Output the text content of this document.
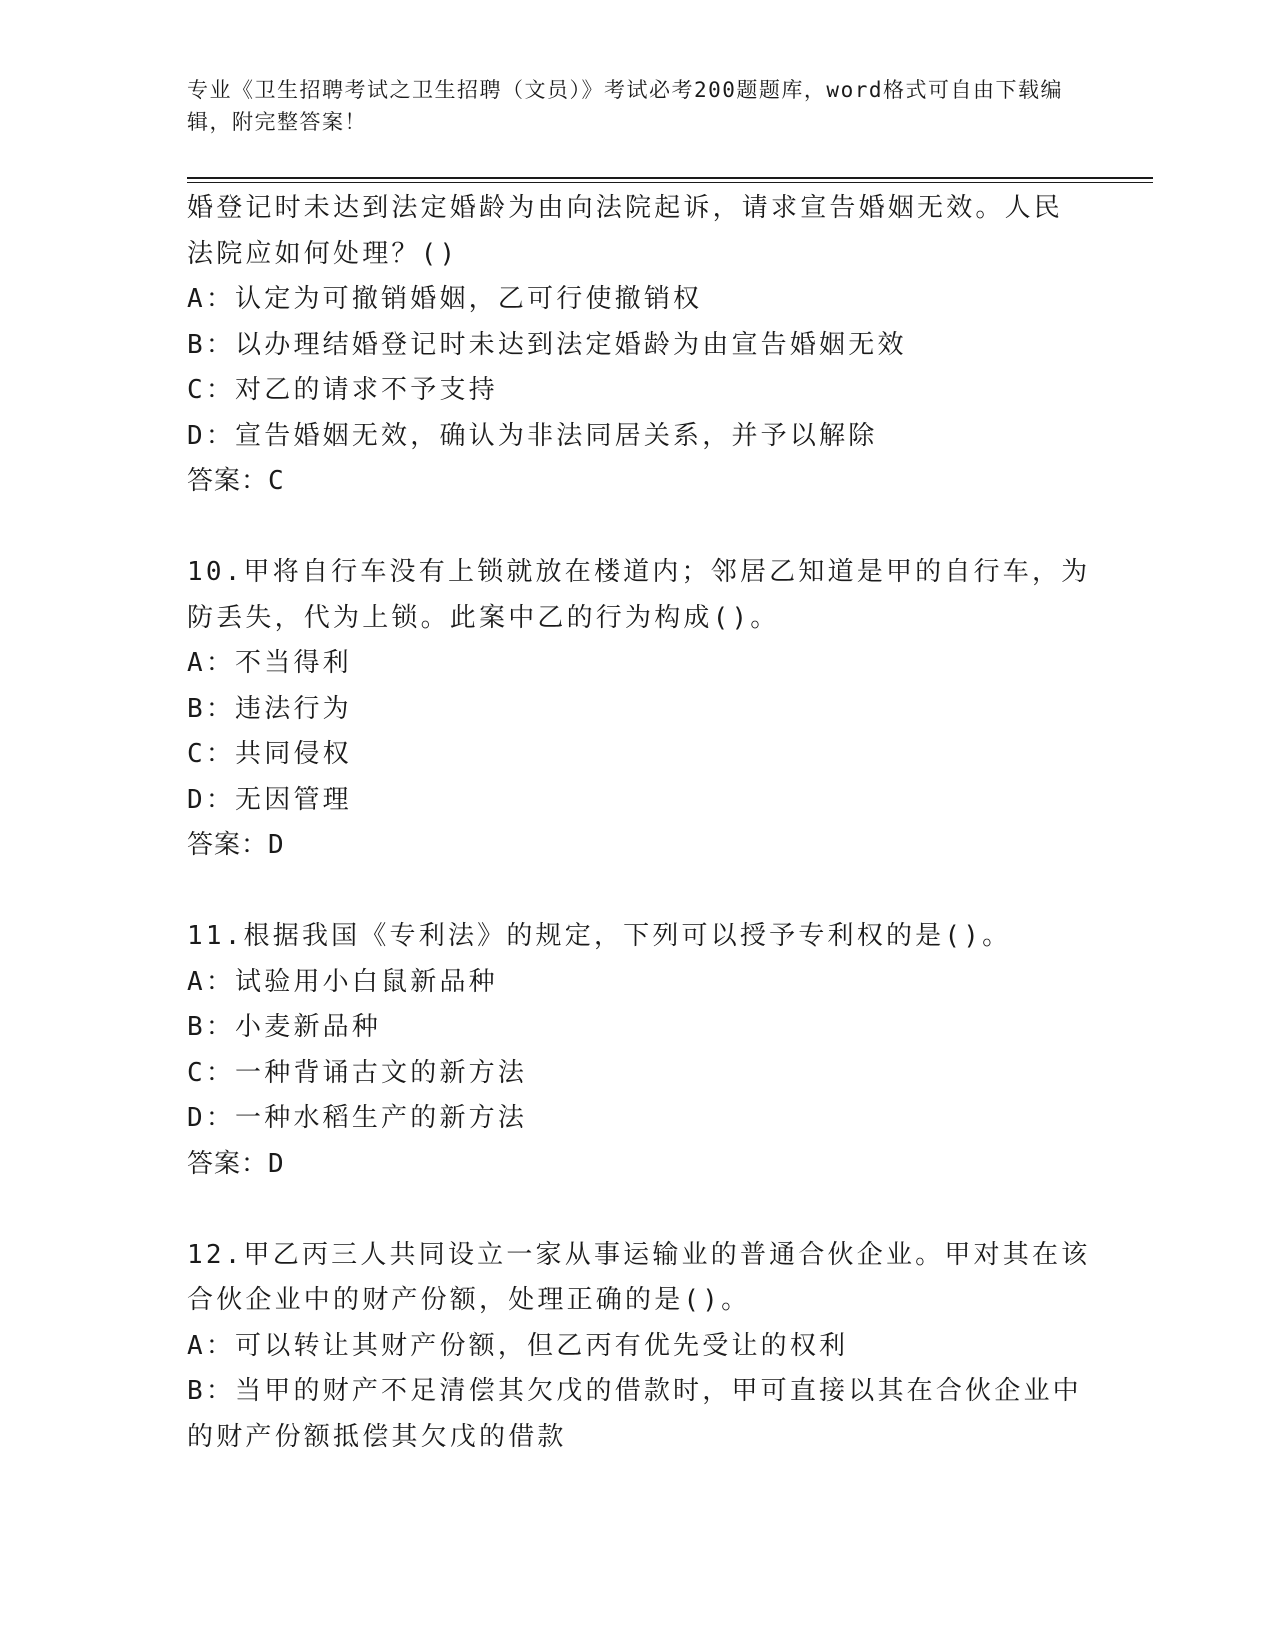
专业《卫生招聘考试之卫生招聘（文员）》考试必考200题题库，word格式可自由下载编辑，附完整答案！
婚登记时未达到法定婚龄为由向法院起诉，请求宣告婚姻无效。人民
法院应如何处理？()
A：认定为可撤销婚姻，乙可行使撤销权
B：以办理结婚登记时未达到法定婚龄为由宣告婚姻无效
C：对乙的请求不予支持
D：宣告婚姻无效，确认为非法同居关系，并予以解除
答案：C
10.甲将自行车没有上锁就放在楼道内；邻居乙知道是甲的自行车，为
防丢失，代为上锁。此案中乙的行为构成()。
A：不当得利
B：违法行为
C：共同侵权
D：无因管理
答案：D
11.根据我国《专利法》的规定，下列可以授予专利权的是()。
A：试验用小白鼠新品种
B：小麦新品种
C：一种背诵古文的新方法
D：一种水稻生产的新方法
答案：D
12.甲乙丙三人共同设立一家从事运输业的普通合伙企业。甲对其在该
合伙企业中的财产份额，处理正确的是()。
A：可以转让其财产份额，但乙丙有优先受让的权利
B：当甲的财产不足清偿其欠戊的借款时，甲可直接以其在合伙企业中
的财产份额抵偿其欠戊的借款
